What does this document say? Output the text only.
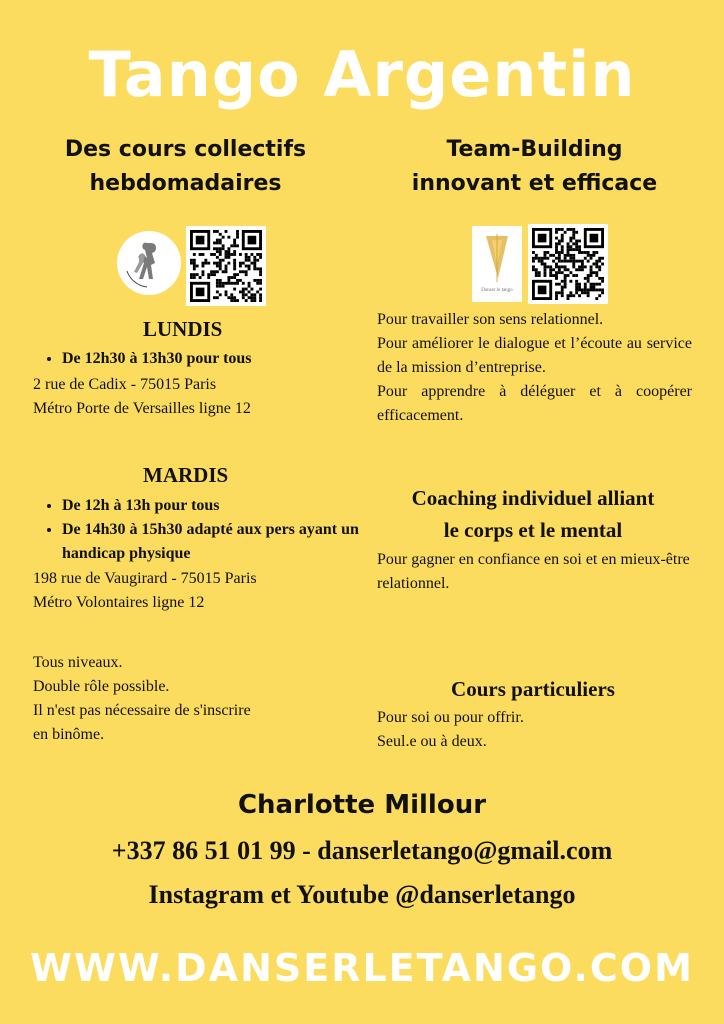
Tango Argentin
Des cours collectifs
hebdomadaires
Team-Building
innovant et efficace
Danser le tango
LUNDIS
• De 12h30 à 13h30 pour tous
2 rue de Cadix - 75015 Paris
Métro Porte de Versailles ligne 12
MARDIS
• De 12h à 13h pour tous
• De 14h30 à 15h30 adapté aux pers ayant un handicap physique
198 rue de Vaugirard - 75015 Paris
Métro Volontaires ligne 12
Tous niveaux.
Double rôle possible.
Il n'est pas nécessaire de s'inscrire
en binôme.
Pour travailler son sens relationnel.
Pour améliorer le dialogue et l’écoute au service de la mission d’entreprise.
Pour apprendre à déléguer et à coopérer efficacement.
Coaching individuel alliant
le corps et le mental
Pour gagner en confiance en soi et en mieux-être relationnel.
Cours particuliers
Pour soi ou pour offrir.
Seul.e ou à deux.
Charlotte Millour
+337 86 51 01 99 - danserletango@gmail.com
Instagram et Youtube @danserletango
WWW.DANSERLETANGO.COM
